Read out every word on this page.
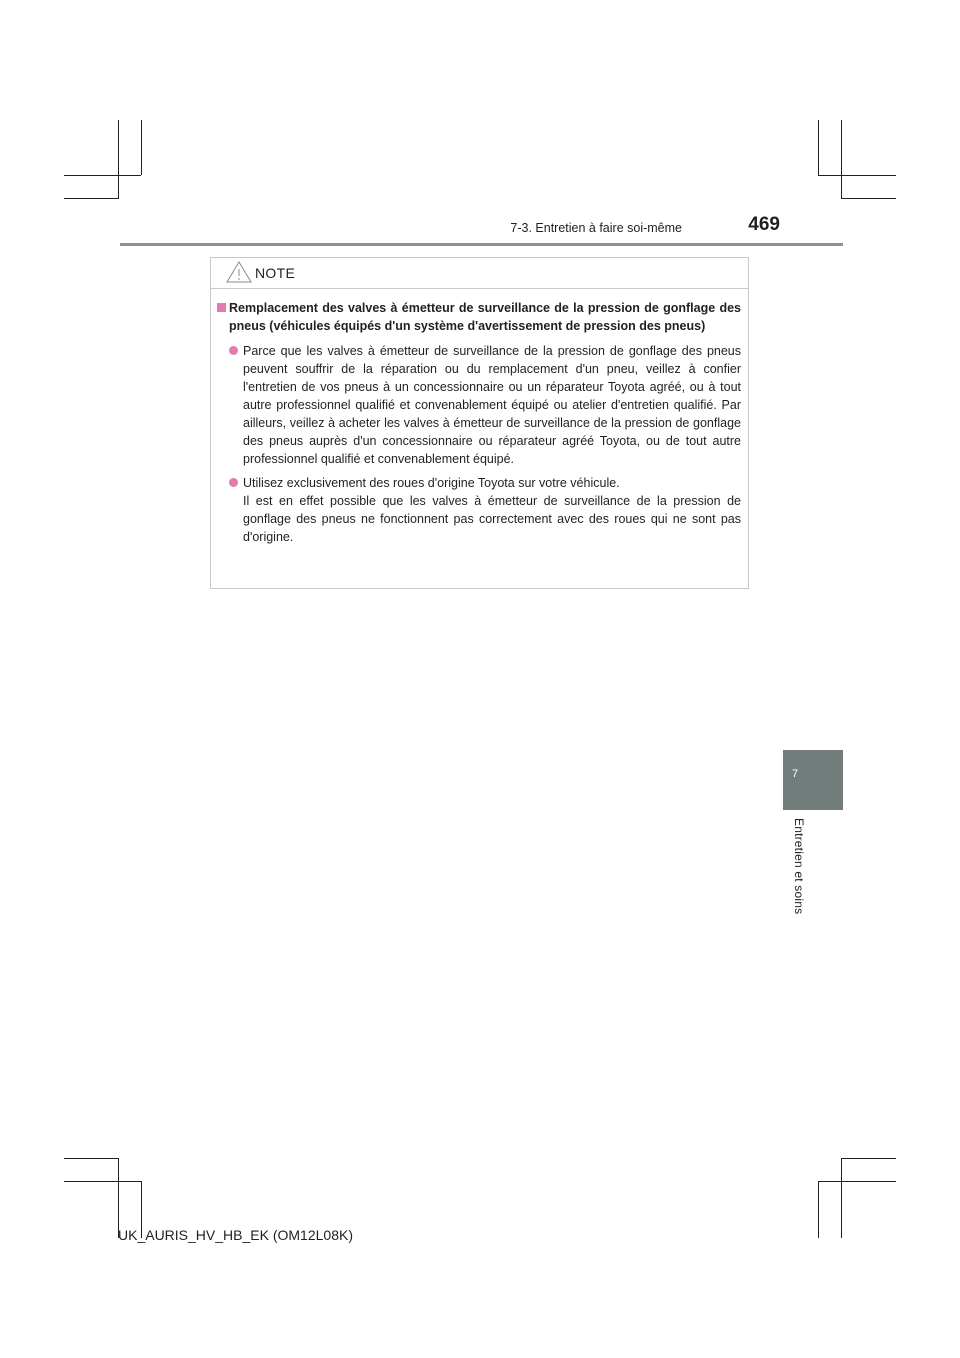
7-3. Entretien à faire soi-même	469
NOTE
Remplacement des valves à émetteur de surveillance de la pression de gonflage des pneus (véhicules équipés d'un système d'avertissement de pression des pneus)

Parce que les valves à émetteur de surveillance de la pression de gonflage des pneus peuvent souffrir de la réparation ou du remplacement d'un pneu, veillez à confier l'entretien de vos pneus à un concessionnaire ou un réparateur Toyota agréé, ou à tout autre professionnel qualifié et convenablement équipé ou atelier d'entretien qualifié. Par ailleurs, veillez à acheter les valves à émetteur de surveillance de la pression de gonflage des pneus auprès d'un concessionnaire ou réparateur agréé Toyota, ou de tout autre professionnel qualifié et convenablement équipé.

Utilisez exclusivement des roues d'origine Toyota sur votre véhicule.

Il est en effet possible que les valves à émetteur de surveillance de la pression de gonflage des pneus ne fonctionnent pas correctement avec des roues qui ne sont pas d'origine.

7
Entretien et soins
UK_AURIS_HV_HB_EK (OM12L08K)
